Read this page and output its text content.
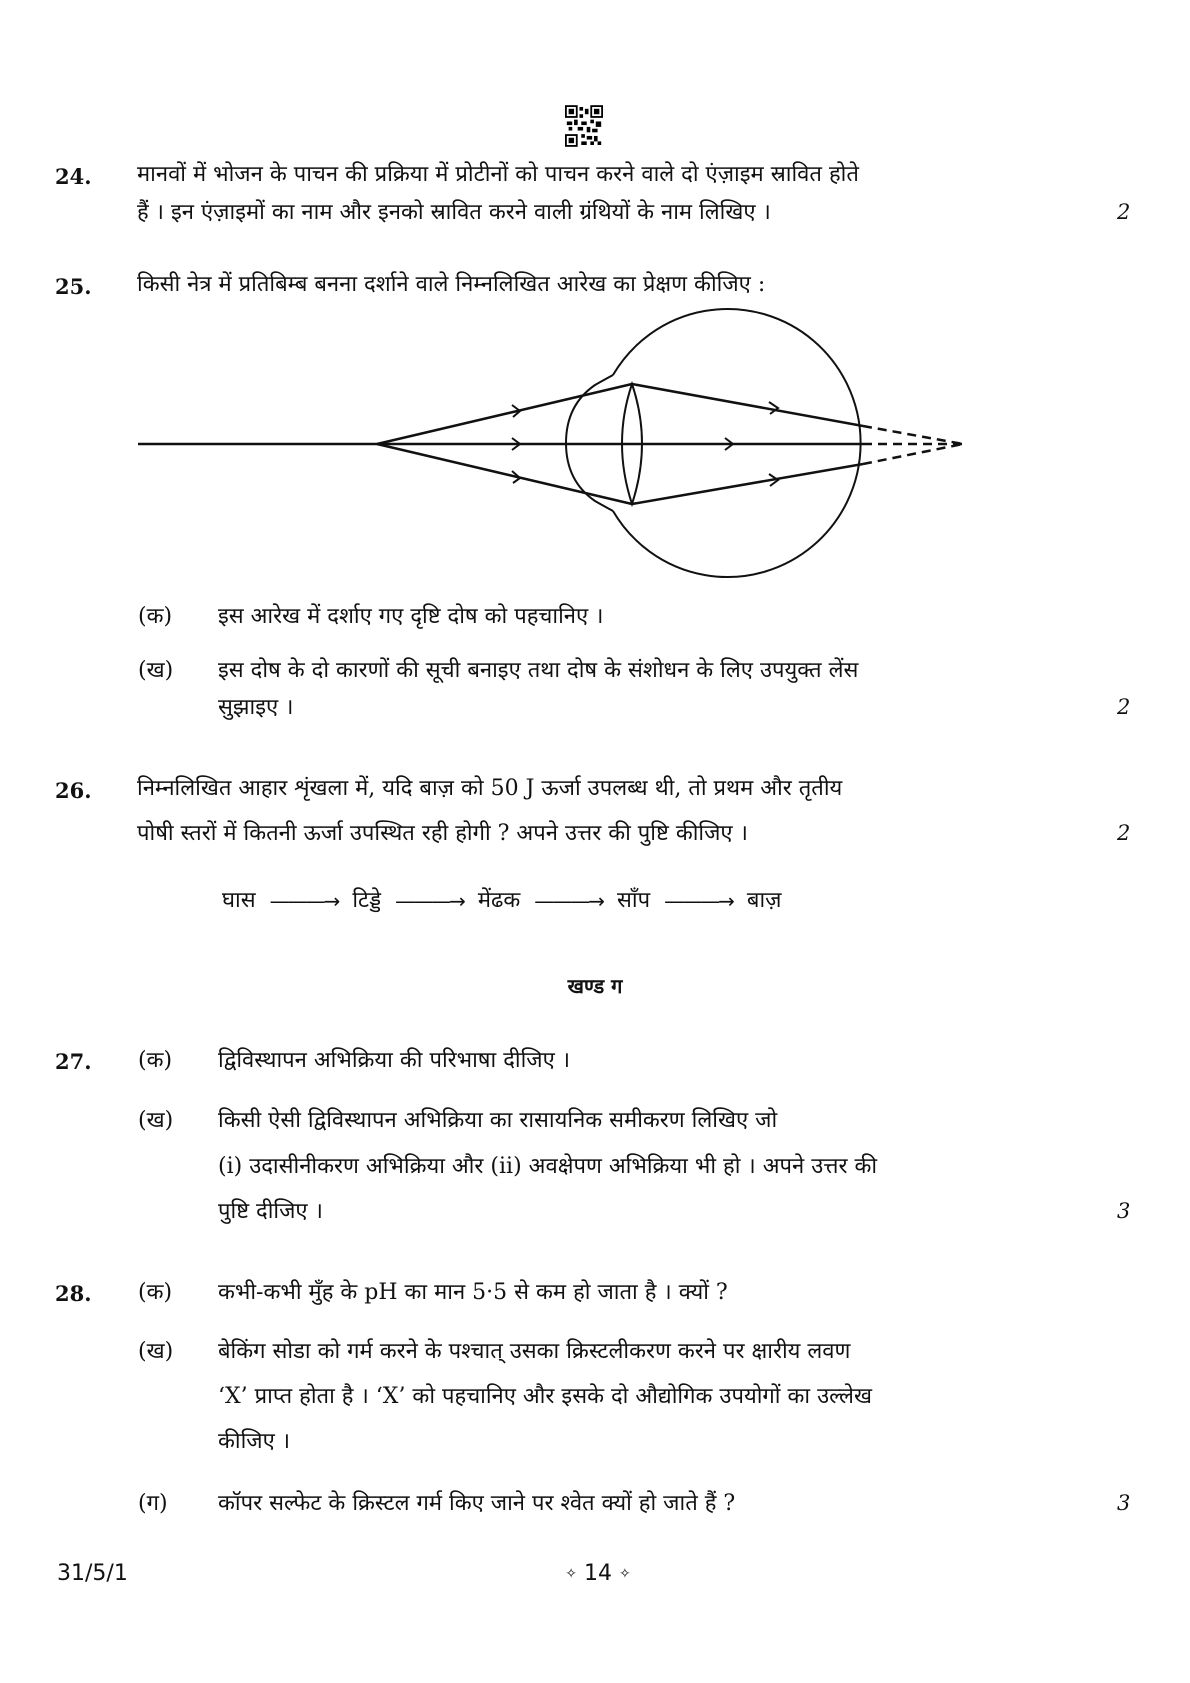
24. मानवों में भोजन के पाचन की प्रक्रिया में प्रोटीनों को पाचन करने वाले दो एंज़ाइम स्रावित होते
हैं । इन एंज़ाइमों का नाम और इनको स्रावित करने वाली ग्रंथियों के नाम लिखिए ।	2
25. किसी नेत्र में प्रतिबिम्ब बनना दर्शाने वाले निम्नलिखित आरेख का प्रेक्षण कीजिए :
(क) इस आरेख में दर्शाए गए दृष्टि दोष को पहचानिए ।
(ख) इस दोष के दो कारणों की सूची बनाइए तथा दोष के संशोधन के लिए उपयुक्त लेंस
सुझाइए ।	2
26. निम्नलिखित आहार शृंखला में, यदि बाज़ को 50 J ऊर्जा उपलब्ध थी, तो प्रथम और तृतीय
पोषी स्तरों में कितनी ऊर्जा उपस्थित रही होगी ? अपने उत्तर की पुष्टि कीजिए ।	2
घास ———→ टिड्डे ———→ मेंढक ———→ साँप ———→ बाज़
खण्ड ग
27. (क) द्विविस्थापन अभिक्रिया की परिभाषा दीजिए ।
(ख) किसी ऐसी द्विविस्थापन अभिक्रिया का रासायनिक समीकरण लिखिए जो
(i) उदासीनीकरण अभिक्रिया और (ii) अवक्षेपण अभिक्रिया भी हो । अपने उत्तर की
पुष्टि दीजिए ।	3
28. (क) कभी-कभी मुँह के pH का मान 5·5 से कम हो जाता है । क्यों ?
(ख) बेकिंग सोडा को गर्म करने के पश्चात् उसका क्रिस्टलीकरण करने पर क्षारीय लवण
‘X’ प्राप्त होता है । ‘X’ को पहचानिए और इसके दो औद्योगिक उपयोगों का उल्लेख
कीजिए ।
(ग) कॉपर सल्फेट के क्रिस्टल गर्म किए जाने पर श्वेत क्यों हो जाते हैं ?	3
31/5/1	✧ 14 ✧
